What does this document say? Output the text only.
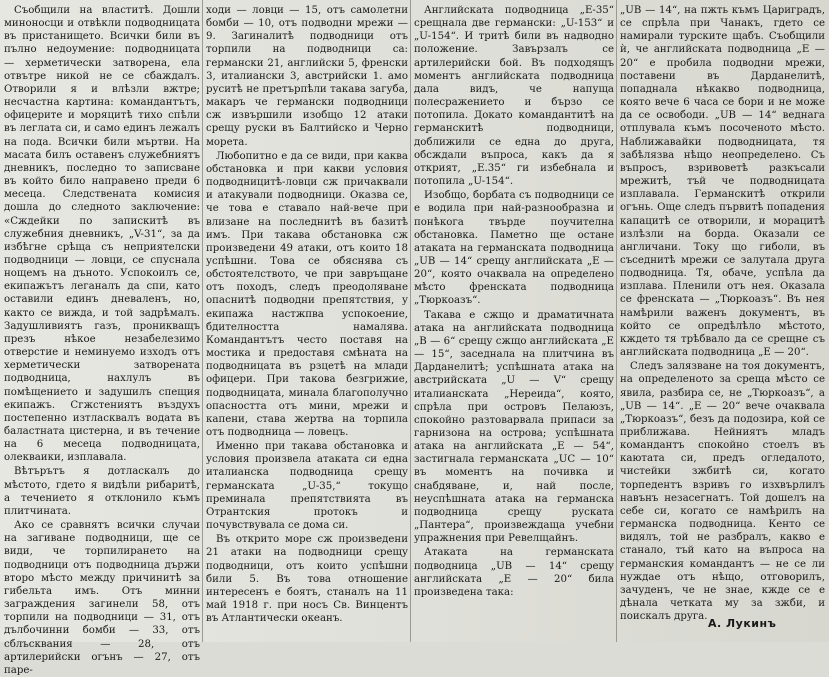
Съобщили на властитѣ. Дошли миноносци и отвѣкли подводницата въ пристанището. Всички били въ пълно недоумение: подводницата — херметически затворена, ела отвътре никой не се сбаждалъ. Отворили я и влѣзли вжтре; несчастна картина: командантътъ, офицерите и моряцитѣ тихо спѣли въ леглата си, и само единъ лежалъ на пода. Всички били мъртви. На масата билъ оставенъ служебниятъ дневникъ, последно то записване въ който било направено преди 6 месеца. Следствената комисия дошла до следното заключение: «Сждейки по запискитѣ въ служебния дневникъ, „V-31“, за да избѣгне срѣща съ неприятелски подводници — ловци, се спуснала нощемъ на дъното. Успокоилъ се, екипажътъ леганалъ да спи, като оставили единъ дневаленъ, но, както се вижда, и той задрѣмалъ. Задушливиятъ газъ, проникващъ презъ нѣкое незабелезимо отверстие и неминуемо изходъ отъ херметически затворената подводница, нахлулъ въ помѣщението и задушилъ спещия екипажъ. Сгжстениятъ въздухъ постепенно изтласквалъ водата въ баластната цистерна, и въ течение на 6 месеца подводницата, олекваики, изплавала.

Вѣтърътъ я дотласкалъ до мѣстото, гдето я видѣли рибаритѣ, а течението я отклонило къмъ плитчината.

Ако се сравнятъ всички случаи на загиване подводници, ще се види, че торпилирането на подводници отъ подводница държи второ мѣсто между причинитѣ за гибельта имъ. Отъ минни заграждения загинели 58, отъ торпили на подводници — 31, отъ дълбочинни бомби — 33, отъ сблъсквания — 28, отъ артилерийски огънъ — 27, отъ паре-

ходи — ловци — 15, отъ самолетни бомби — 10, отъ подводни мрежи — 9. Загиналитѣ подводници отъ торпили на подводници са: германски 21, английски 5, френски 3, италиански 3, австрийски 1. амо руситѣ не претърпѣли такава загуба, макаръ че германски подводници сж извършили изобщо 12 атаки срещу руски въ Балтийско и Черно морета.

Любопитно е да се види, при каква обстановка и при какви условия подводницитѣ-ловци сж причаквали и атакували подводници. Оказва се, че това е ставало най-вече при влизане на последнитѣ въ базитѣ имъ. При такава обстановка сж произведени 49 атаки, отъ които 18 успѣшни. Това се обяснява съ обстоятелството, че при завръщане отъ походъ, следъ преодоляване опаснитѣ подводни препятствия, у екипажа настжпва успокоение, бдителността намалява. Командантътъ често поставя на мостика и предоставя смѣната на подводницата въ рзцетѣ на млади офицери. При такова безгрижие, подводницата, минала благополучно опасността отъ мини, мрежи и капени, става жертва на торпила отъ подводница — ловецъ.

Именно при такава обстановка и условия произвела атаката си една италианска подводница срещу германската „U-35,“ токущо преминала препятствията въ Отрантския протокъ и почувствувала се дома си.

Въ открито море сж произведени 21 атаки на подводници срещу подводници, отъ които успѣшни били 5. Въ това отношение интересенъ е боятъ, станалъ на 11 май 1918 г. при носъ Св. Винцентъ въ Атлантически океанъ.

Английската подводница „Е-35“ срещнала две германски: „U-153“ и „U-154“. И тритѣ били въ надводно положение. Завързалъ се артилерийски бой. Въ подходящъ моментъ английската подводница дала видъ, че напуща полесражението и бързо се потопила. Докато командантитѣ на германскитѣ подводници, доближили се една до друга, обсждали въпроса, какъ да я открият, „Е.35“ ги избебнала и потопила „U-154“.

Изобщо, борбата съ подводници се е водила при най-разнообразна и понѣкога твърде поучителна обстановка. Паметно ще остане атаката на германската подводница „UB — 14“ срещу английската „Е — 20“, която очаквала на определено мѣсто френската подводница „Тюркоазъ“.

Такава е сжщо и драматичната атака на английската подводница „В — 6“ срещу сжщо английската „Е — 15“, заседнала на плитчина въ Дарданелитѣ; успѣшната атака на австрийската „U — V“ срещу италианската „Нереида“, която, спрѣла при островъ Пелаюзъ, спокойно разтоварвала припаси за гарнизона на острова; успѣшната атака на английската „Е — 54“, застигнала германската „UC — 10“ въ моментъ на почивка и снабдяване, и, най после, неуспѣшната атака на германска подводница срещу руската „Пантера“, произвеждаща учебни упражнения при Ревелщайнъ.

Атаката на германската подводница „UB — 14“ срещу английската „Е — 20“ била произведена така:

„UB — 14“, на пжть къмъ Цариградъ, се спрѣла при Чанакъ, гдето се намирали турските щабъ. Съобщили ѝ, че английската подводница „Е — 20“ е пробила подводни мрежи, поставени въ Дарданелитѣ, попаднала нѣкакво подводница, която вече 6 часа се бори и не може да се освободи. „UB — 14“ веднага отплувала къмъ посоченото мѣсто. Наближавайки подводницата, тя забѣлязва нѣщо неопределено. Съ въпросъ, взривоветѣ разкъсали мрежитѣ, тъй че подводницата изплавала. Германскитѣ открили огънь. Още следъ първитѣ попадения капацитѣ се отворили, и морацитѣ излѣзли на борда. Оказали се англичани. Току що гиболи, въ съседнитѣ мрежи се залутала друга подводница. Тя, обаче, успѣла да изплава. Пленили отъ нея. Оказала се френската — „Тюркоазъ“. Въ нея намѣрили важенъ документъ, въ който се опредѣлѣло мѣстото, кждето тя трѣбвало да се срещне съ английската подводница „Е — 20“.

Следъ залязване на тоя документъ, на определеното за среща мѣсто се явила, разбира се, не „Тюркоазъ“, а „UB — 14“. „Е — 20“ вече очаквала „Тюркоазъ“, безъ да подозира, кой се приближава. Нейниятъ младъ командантъ спокойно стоелъ въ каютата си, предъ огледалото, чистейки зжбитѣ си, когато торпедентъ взривъ го изхвърлилъ навънъ незасегнатъ. Той дошелъ на себе си, когато се намѣрилъ на германска подводница. Кенто се видялъ, той не разбралъ, какво е станало, тъй като на въпроса на германския командантъ — не се ли нуждае отъ нѣщо, отговорилъ, зачуденъ, че не знае, кжде се е дѣнала четката му за зжби, и поискалъ друга.

А. Лукинъ
